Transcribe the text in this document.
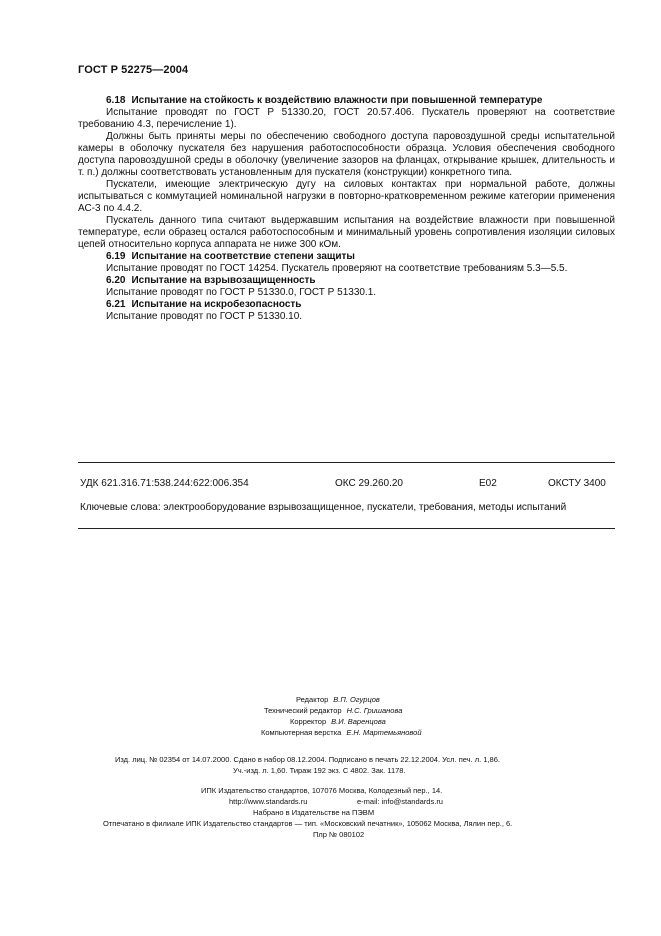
ГОСТ Р 52275—2004

6.18 Испытание на стойкость к воздействию влажности при повышенной температуре

Испытание проводят по ГОСТ Р 51330.20, ГОСТ 20.57.406. Пускатель проверяют на соответствие требованию 4.3, перечисление 1).

Должны быть приняты меры по обеспечению свободного доступа паровоздушной среды испытательной камеры в оболочку пускателя без нарушения работоспособности образца. Условия обеспечения свободного доступа паровоздушной среды в оболочку (увеличение зазоров на фланцах, открывание крышек, длительность и т. п.) должны соответствовать установленным для пускателя (конструкции) конкретного типа.

Пускатели, имеющие электрическую дугу на силовых контактах при нормальной работе, должны испытываться с коммутацией номинальной нагрузки в повторно-кратковременном режиме категории применения АС-3 по 4.4.2.

Пускатель данного типа считают выдержавшим испытания на воздействие влажности при повышенной температуре, если образец остался работоспособным и минимальный уровень сопротивления изоляции силовых цепей относительно корпуса аппарата не ниже 300 кОм.

6.19 Испытание на соответствие степени защиты

Испытание проводят по ГОСТ 14254. Пускатель проверяют на соответствие требованиям 5.3—5.5.

6.20 Испытание на взрывозащищенность

Испытание проводят по ГОСТ Р 51330.0, ГОСТ Р 51330.1.

6.21 Испытание на искробезопасность

Испытание проводят по ГОСТ Р 51330.10.

УДК 621.316.71:538.244:622:006.354	ОКС 29.260.20	Е02	ОКСТУ 3400
Ключевые слова: электрооборудование взрывозащищенное, пускатели, требования, методы испытаний
Редактор В.П. Огурцов
Технический редактор Н.С. Гришанова
Корректор В.И. Варенцова
Компьютерная верстка Е.Н. Мартемьяновой
Изд. лиц. № 02354 от 14.07.2000. Сдано в набор 08.12.2004. Подписано в печать 22.12.2004. Усл. печ. л. 1,86.
Уч.-изд. л. 1,60. Тираж 192 экз. С 4802. Зак. 1178.
ИПК Издательство стандартов, 107076 Москва, Колодезный пер., 14.
http://www.standards.ru	e-mail: info@standards.ru
Набрано в Издательстве на ПЭВМ
Отпечатано в филиале ИПК Издательство стандартов — тип. «Московский печатник», 105062 Москва, Лялин пер., 6.
Плр № 080102
